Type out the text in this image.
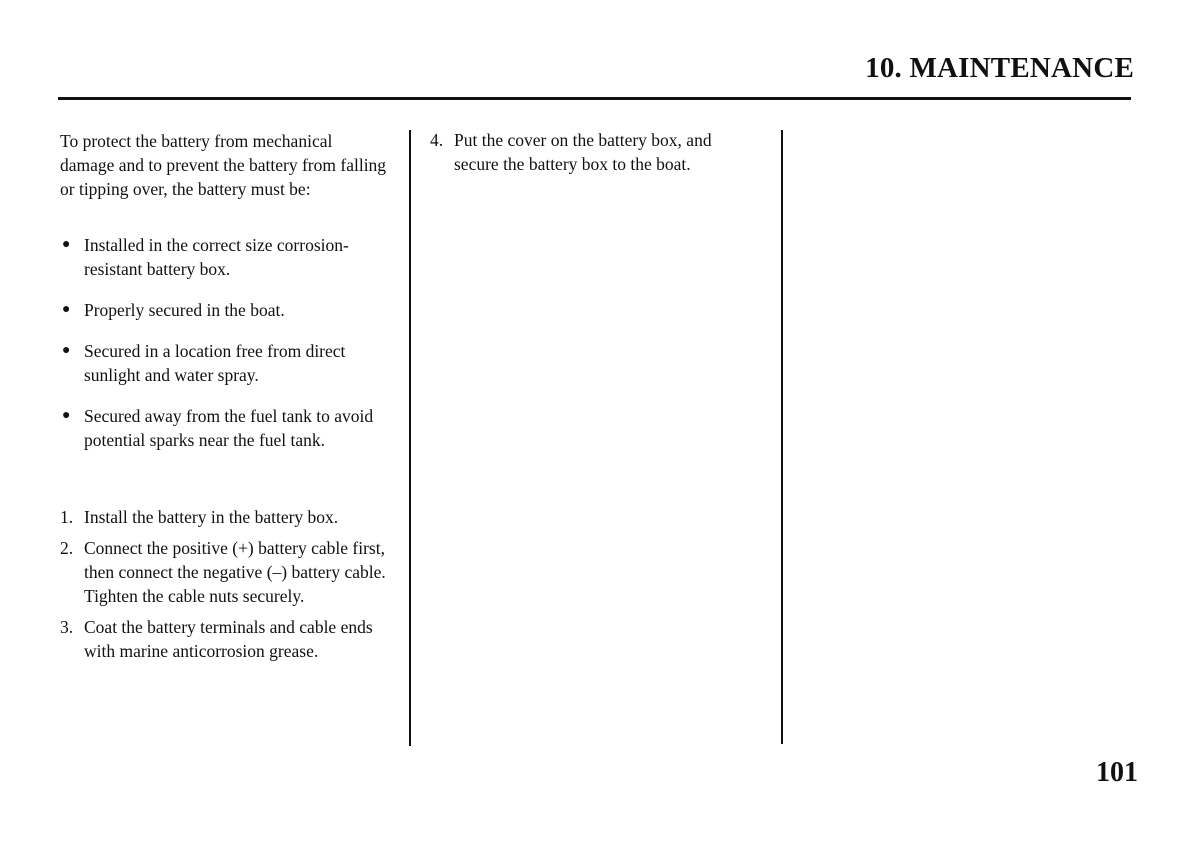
10. MAINTENANCE

To protect the battery from mechanical damage and to prevent the battery from falling or tipping over, the battery must be:

● Installed in the correct size corrosion-resistant battery box.
● Properly secured in the boat.
● Secured in a location free from direct sunlight and water spray.
● Secured away from the fuel tank to avoid potential sparks near the fuel tank.
1. Install the battery in the battery box.
2. Connect the positive (+) battery cable first, then connect the negative (–) battery cable. Tighten the cable nuts securely.
3. Coat the battery terminals and cable ends with marine anticorrosion grease.
4. Put the cover on the battery box, and secure the battery box to the boat.

101
